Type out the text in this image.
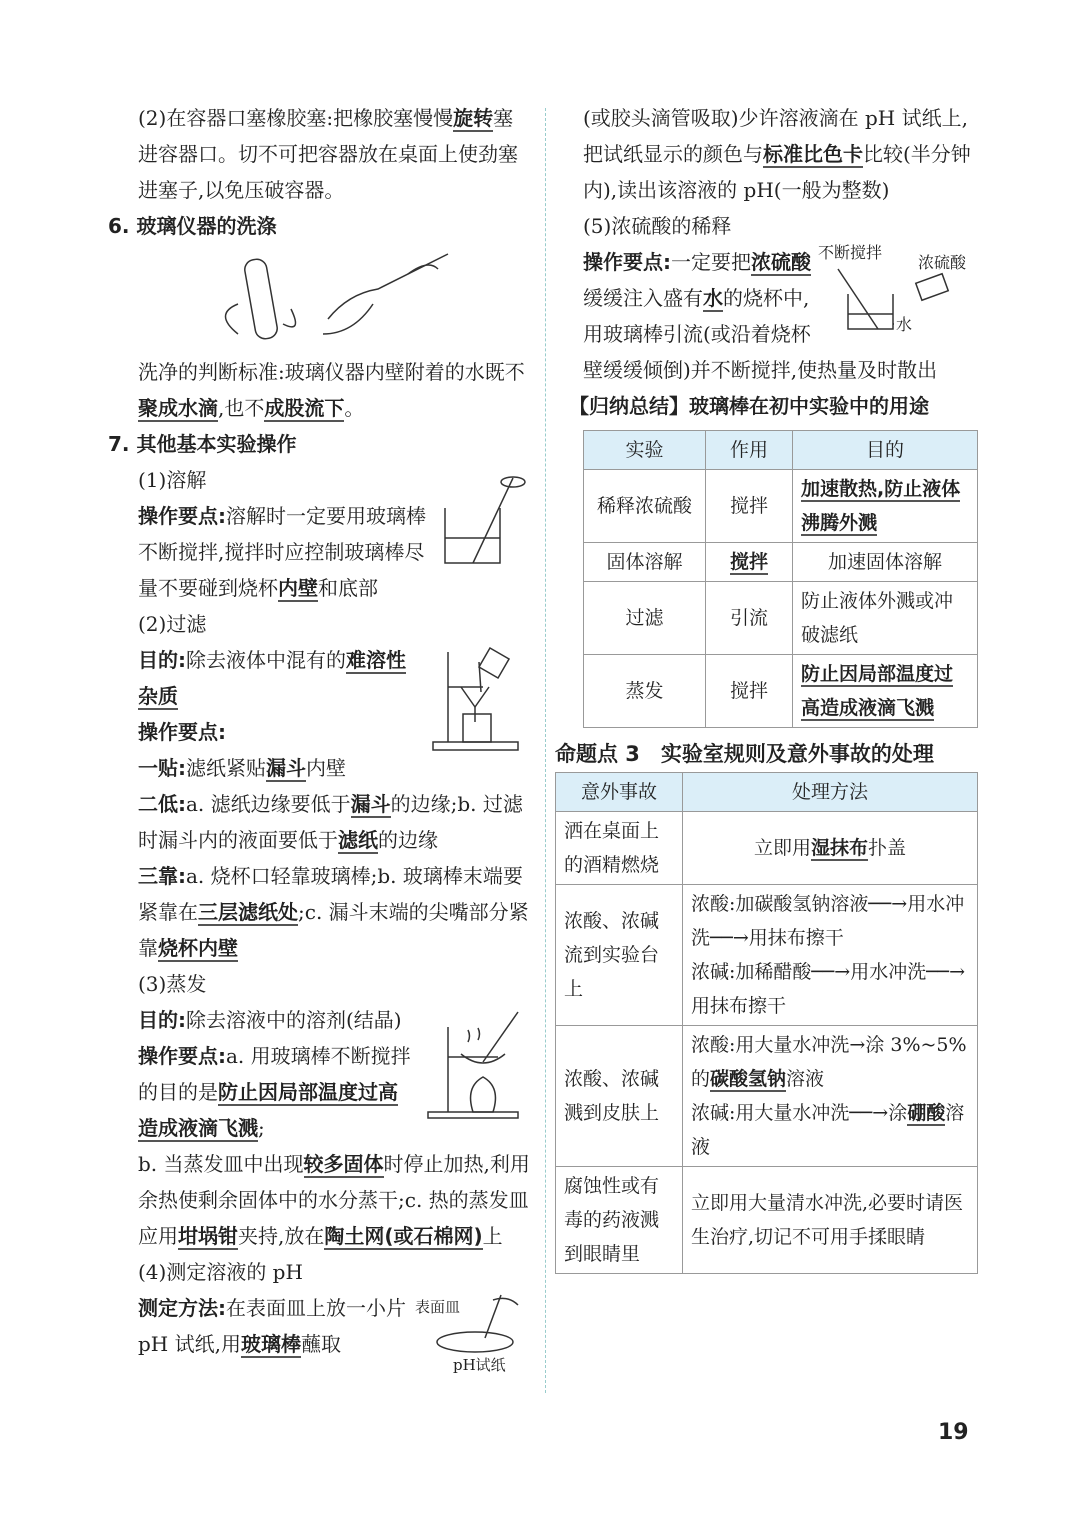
(2)在容器口塞橡胶塞:把橡胶塞慢慢旋转塞进容器口。切不可把容器放在桌面上使劲塞进塞子,以免压破容器。

6. 玻璃仪器的洗涤

洗净的判断标准:玻璃仪器内壁附着的水既不聚成水滴,也不成股流下。

7. 其他基本实验操作

(1)溶解

操作要点:溶解时一定要用玻璃棒不断搅拌,搅拌时应控制玻璃棒尽量不要碰到烧杯内壁和底部

(2)过滤

目的:除去液体中混有的难溶性杂质

操作要点:

一贴:滤纸紧贴漏斗内壁

二低:a. 滤纸边缘要低于漏斗的边缘;b. 过滤时漏斗内的液面要低于滤纸的边缘

三靠:a. 烧杯口轻靠玻璃棒;b. 玻璃棒末端要紧靠在三层滤纸处;c. 漏斗末端的尖嘴部分紧靠烧杯内壁

(3)蒸发

目的:除去溶液中的溶剂(结晶)

操作要点:a. 用玻璃棒不断搅拌的目的是防止因局部温度过高造成液滴飞溅;

b. 当蒸发皿中出现较多固体时停止加热,利用余热使剩余固体中的水分蒸干;c. 热的蒸发皿应用坩埚钳夹持,放在陶土网(或石棉网)上

(4)测定溶液的 pH

表面皿
pH试纸

测定方法:在表面皿上放一小片 pH 试纸,用玻璃棒蘸取

(或胶头滴管吸取)少许溶液滴在 pH 试纸上,把试纸显示的颜色与标准比色卡比较(半分钟内),读出该溶液的 pH(一般为整数)

(5)浓硫酸的稀释

不断搅拌
浓硫酸
水

操作要点:一定要把浓硫酸缓缓注入盛有水的烧杯中,用玻璃棒引流(或沿着烧杯壁缓缓倾倒)并不断搅拌,使热量及时散出

【归纳总结】玻璃棒在初中实验中的用途

实验	作用	目的
稀释浓硫酸	搅拌	加速散热,防止液体沸腾外溅
固体溶解	搅拌	加速固体溶解
过滤	引流	防止液体外溅或冲破滤纸
蒸发	搅拌	防止因局部温度过高造成液滴飞溅

命题点 3　实验室规则及意外事故的处理

意外事故	处理方法
洒在桌面上的酒精燃烧	立即用湿抹布扑盖
浓酸、浓碱流到实验台上	浓酸:加碳酸氢钠溶液──→用水冲洗──→用抹布擦干
浓碱:加稀醋酸──→用水冲洗──→用抹布擦干

浓酸、浓碱溅到皮肤上	浓酸:用大量水冲洗→涂 3%~5%的碳酸氢钠溶液
浓碱:用大量水冲洗──→涂硼酸溶液

腐蚀性或有毒的药液溅到眼睛里	立即用大量清水冲洗,必要时请医生治疗,切记不可用手揉眼睛
19
